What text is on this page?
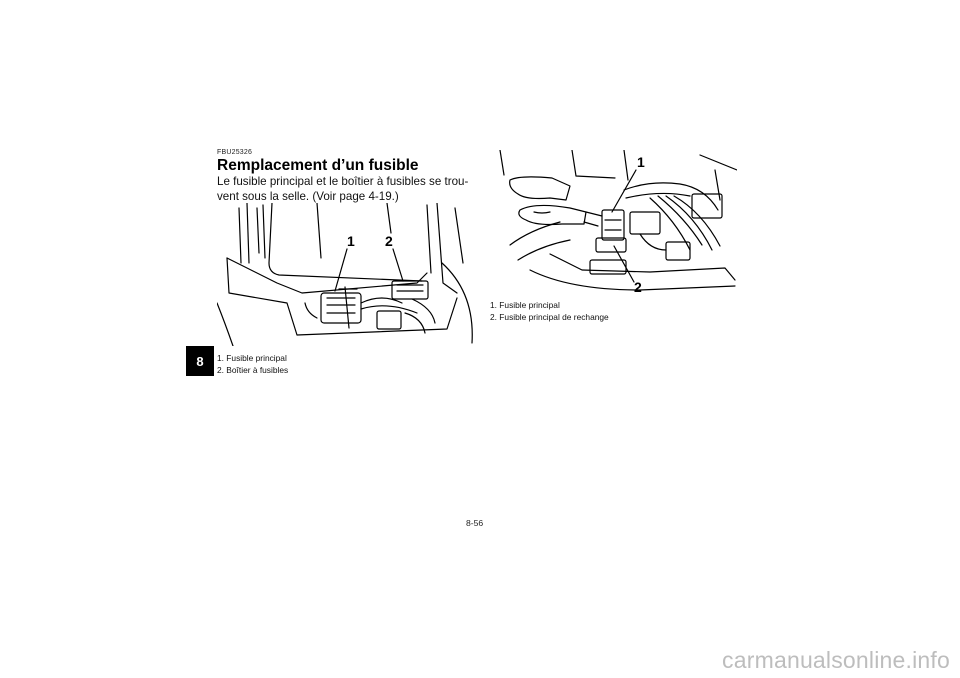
8
FBU25326
Remplacement d’un fusible
Le fusible principal et le boîtier à fusibles se trou-
vent sous la selle. (Voir page 4-19.)
1 2
1. Fusible principal
2. Boîtier à fusibles
1
2
1. Fusible principal
2. Fusible principal de rechange
8-56
carmanualsonline.info
